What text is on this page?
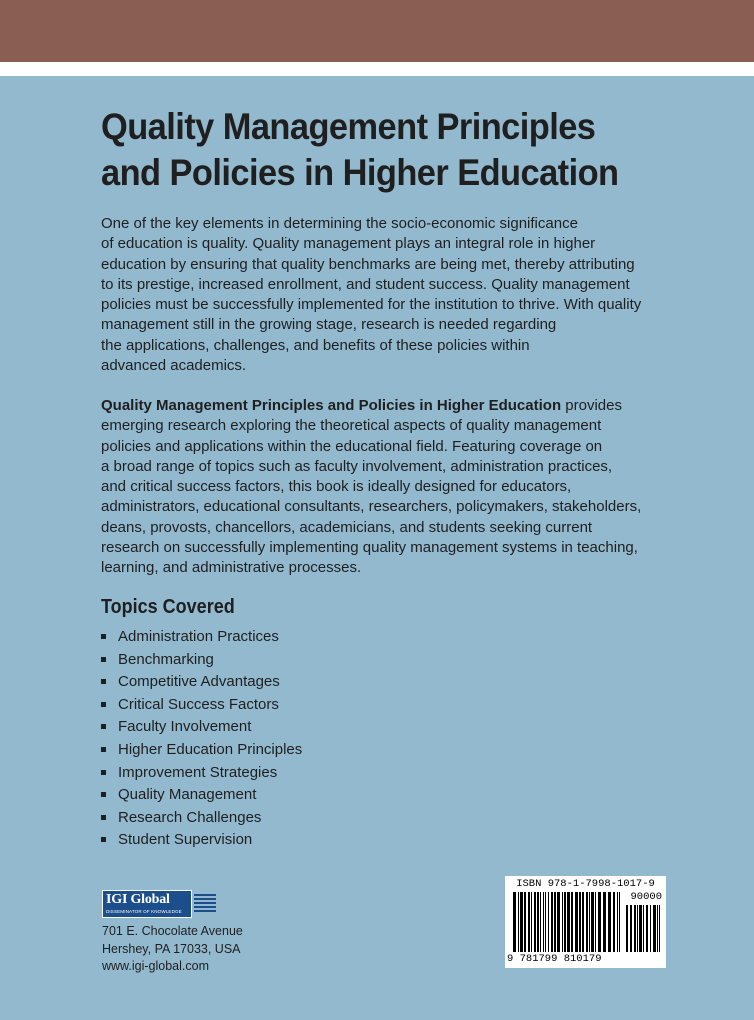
Quality Management Principles
and Policies in Higher Education

One of the key elements in determining the socio-economic significance
of education is quality. Quality management plays an integral role in higher
education by ensuring that quality benchmarks are being met, thereby attributing
to its prestige, increased enrollment, and student success. Quality management
policies must be successfully implemented for the institution to thrive. With quality
management still in the growing stage, research is needed regarding
the applications, challenges, and benefits of these policies within
advanced academics.

Quality Management Principles and Policies in Higher Education provides
emerging research exploring the theoretical aspects of quality management
policies and applications within the educational field. Featuring coverage on
a broad range of topics such as faculty involvement, administration practices,
and critical success factors, this book is ideally designed for educators,
administrators, educational consultants, researchers, policymakers, stakeholders,
deans, provosts, chancellors, academicians, and students seeking current
research on successfully implementing quality management systems in teaching,
learning, and administrative processes.

Topics Covered
Administration Practices
Benchmarking
Competitive Advantages
Critical Success Factors
Faculty Involvement
Higher Education Principles
Improvement Strategies
Quality Management
Research Challenges
Student Supervision
IGI Global
DISSEMINATOR OF KNOWLEDGE
701 E. Chocolate Avenue
Hershey, PA 17033, USA
www.igi-global.com
ISBN 978-1-7998-1017-9
90000
9 781799 810179
